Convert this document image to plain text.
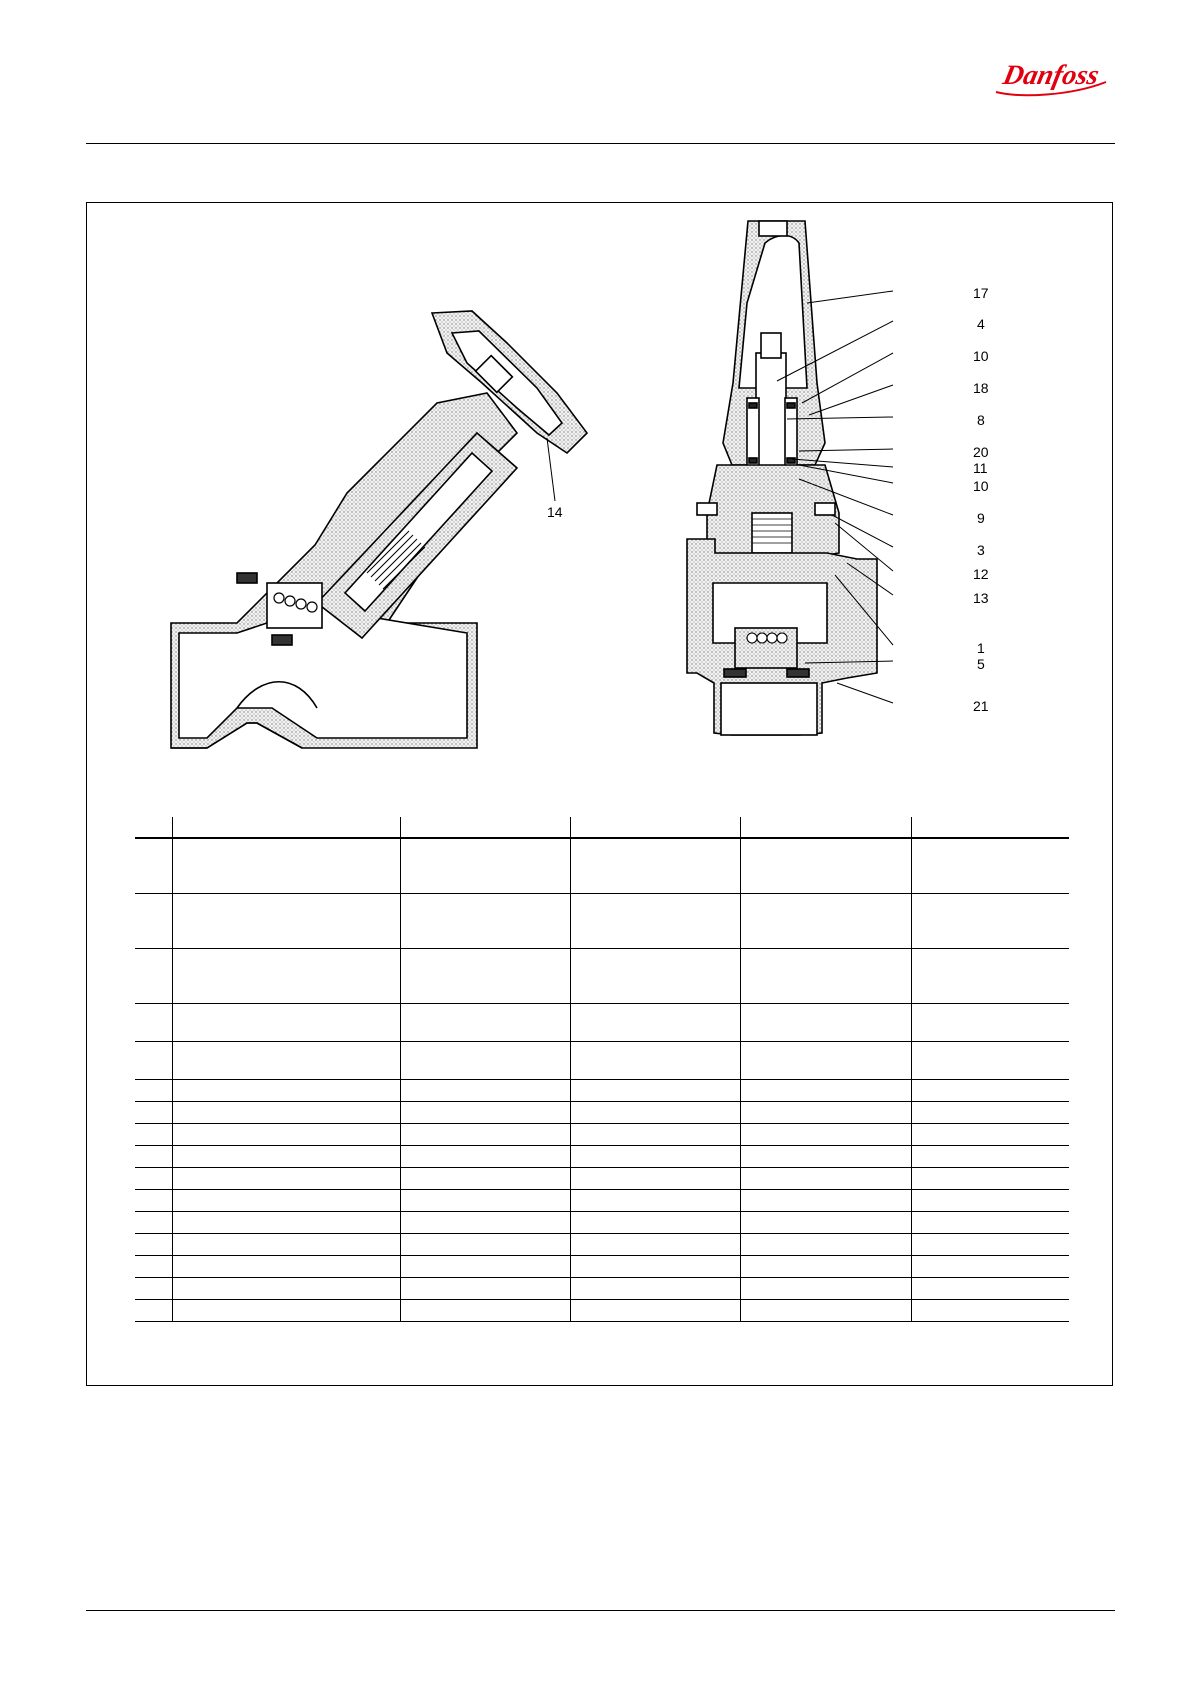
Danfoss
14
17
4
10
18
8
20
11
10
9
3
12
13
1
5
21
